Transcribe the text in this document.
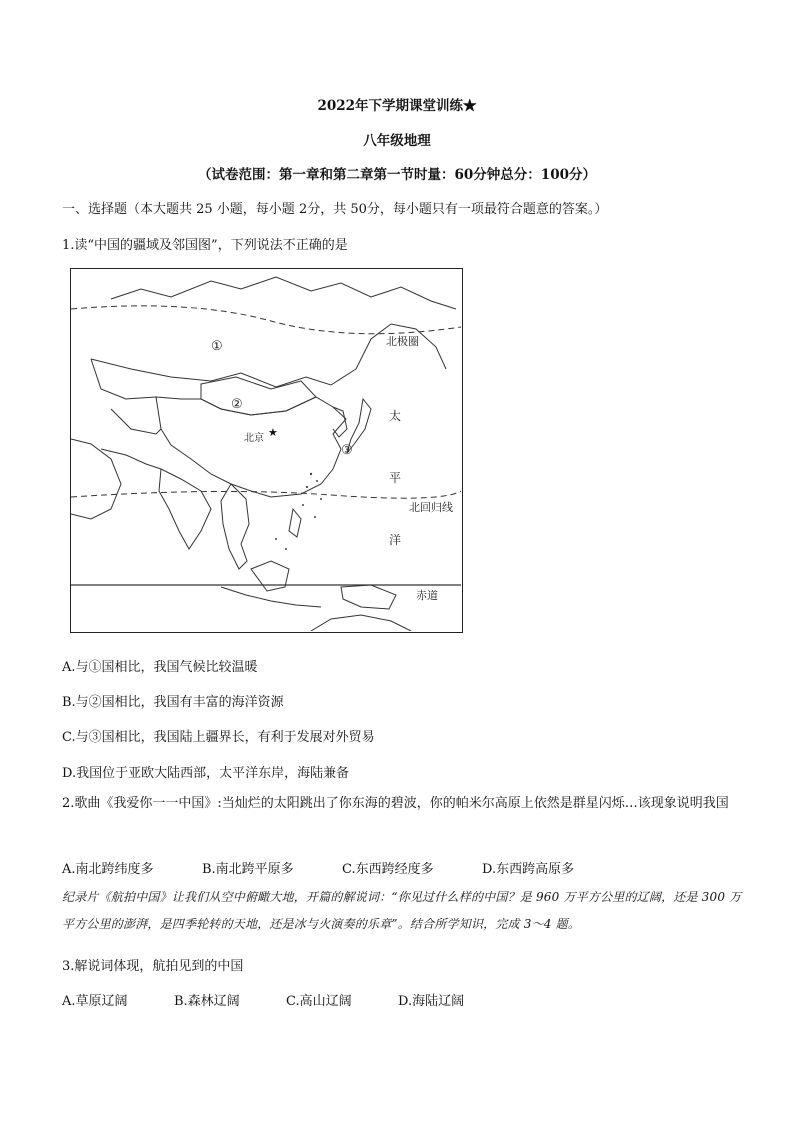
2022年下学期课堂训练★
八年级地理
（试卷范围：第一章和第二章第一节时量：60分钟总分：100分）
一、选择题（本大题共 25 小题，每小题 2分，共 50分，每小题只有一项最符合题意的答案。）
1.读“中国的疆域及邻国图”，下列说法不正确的是
①
②
③
北京 ★
北极圈
北回归线
赤道
太
平
洋
A.与①国相比，我国气候比较温暖
B.与②国相比，我国有丰富的海洋资源
C.与③国相比，我国陆上疆界长，有利于发展对外贸易
D.我国位于亚欧大陆西部，太平洋东岸，海陆兼备
2.歌曲《我爱你一一中国》:当灿烂的太阳跳出了你东海的碧波，你的帕米尔高原上依然是群星闪烁…该现象说明我国
A.南北跨纬度多	B.南北跨平原多	C.东西跨经度多	D.东西跨高原多
纪录片《航拍中国》让我们从空中俯瞰大地，开篇的解说词：“你见过什么样的中国？是 960 万平方公里的辽阔，还是 300 万平方公里的澎湃，是四季轮转的天地，还是冰与火演奏的乐章”。结合所学知识，完成 3～4 题。
3.解说词体现，航拍见到的中国
A.草原辽阔	B.森林辽阔	C.高山辽阔	D.海陆辽阔
